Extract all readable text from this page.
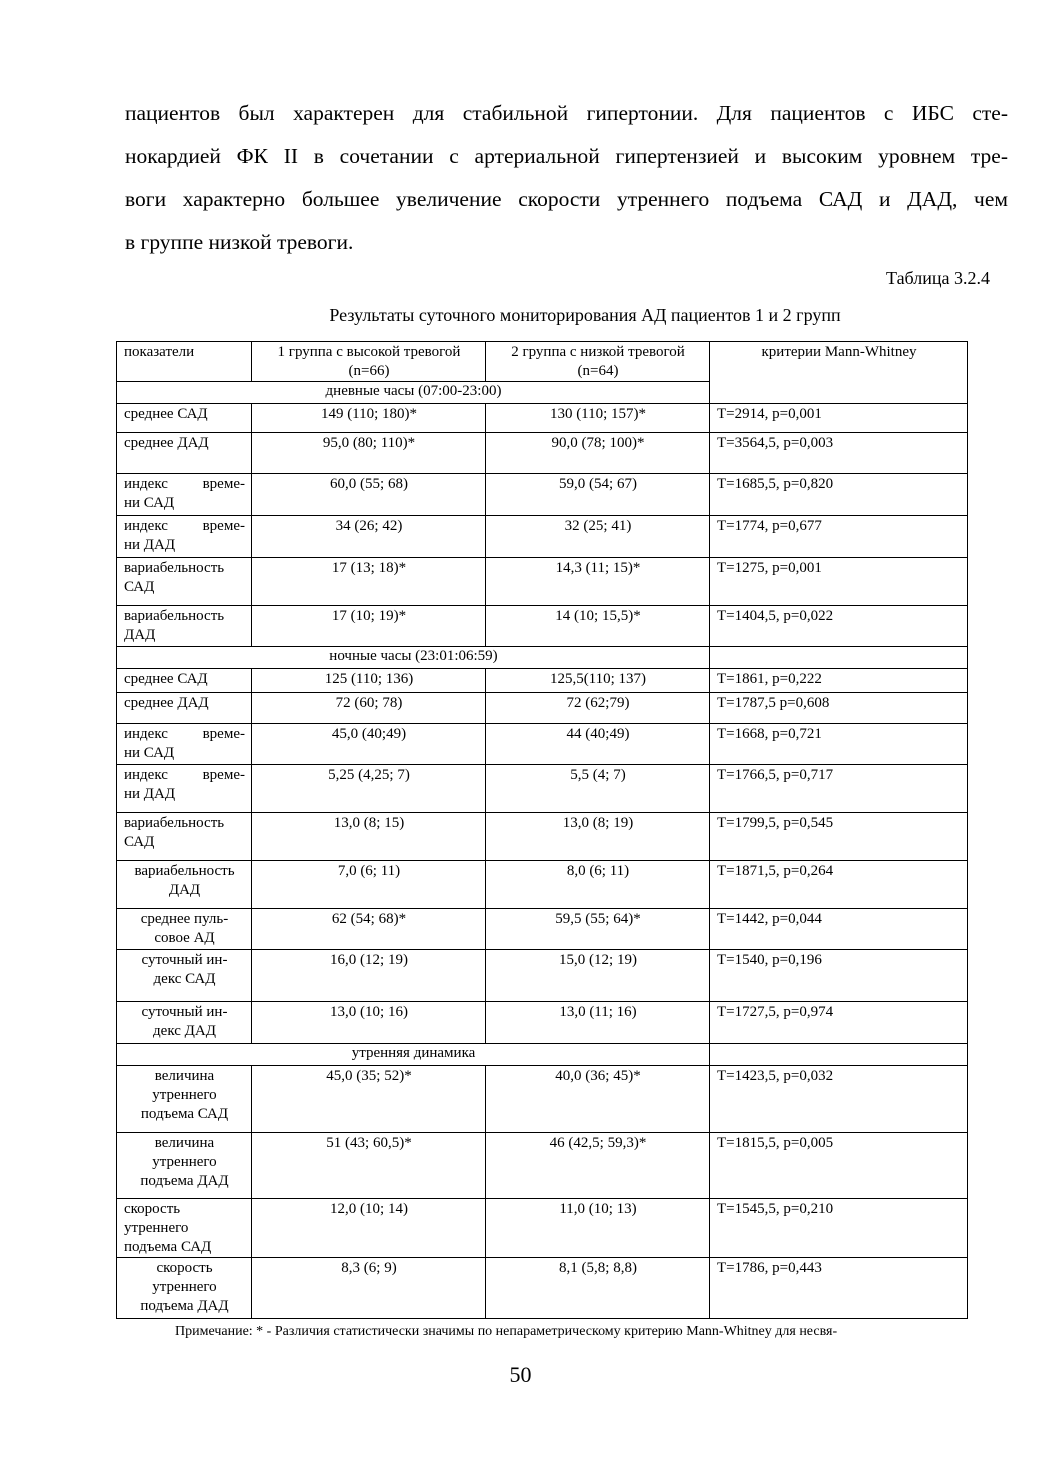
пациентов был характерен для стабильной гипертонии. Для пациентов с ИБС сте-
нокардией ФК II в сочетании с артериальной гипертензией и высоким уровнем тре-
воги характерно большее увеличение скорости утреннего подъема САД и ДАД, чем
в группе низкой тревоги.
Таблица 3.2.4
Результаты суточного мониторирования АД пациентов 1 и 2 групп
показатели	1 группа с высокой тревогой (n=66)	2 группа с низкой тревогой (n=64)	критерии Mann-Whitney
дневные часы (07:00-23:00)			
среднее САД	149 (110; 180)*	130 (110; 157)*	T=2914, p=0,001
среднее ДАД	95,0 (80; 110)*	90,0 (78; 100)*	T=3564,5, p=0,003

индекс време-
ни САД	60,0 (55; 68)	59,0 (54; 67)	T=1685,5, p=0,820

индекс време-
ни ДАД	34 (26; 42)	32 (25; 41)	T=1774, p=0,677

вариабельность
САД	17 (13; 18)*	14,3 (11; 15)*	T=1275, p=0,001

вариабельность
ДАД	17 (10; 19)*	14 (10; 15,5)*	T=1404,5, p=0,022
ночные часы (23:01:06:59)			
среднее САД	125 (110; 136)	125,5(110; 137)	T=1861, p=0,222
среднее ДАД	72 (60; 78)	72 (62;79)	T=1787,5 p=0,608

индекс време-
ни САД	45,0 (40;49)	44 (40;49)	T=1668, p=0,721

индекс време-
ни ДАД	5,25 (4,25; 7)	5,5 (4; 7)	T=1766,5, p=0,717

вариабельность
САД	13,0 (8; 15)	13,0 (8; 19)	T=1799,5, p=0,545

вариабельность
ДАД	7,0 (6; 11)	8,0 (6; 11)	T=1871,5, p=0,264

среднее пуль-
совое АД	62 (54; 68)*	59,5 (55; 64)*	T=1442, p=0,044

суточный ин-
декс САД	16,0 (12; 19)	15,0 (12; 19)	T=1540, p=0,196

суточный ин-
декс ДАД	13,0 (10; 16)	13,0 (11; 16)	T=1727,5, p=0,974
утренняя динамика			

величина
утреннего
подъема САД	45,0 (35; 52)*	40,0 (36; 45)*	T=1423,5, p=0,032

величина
утреннего
подъема ДАД	51 (43; 60,5)*	46 (42,5; 59,3)*	T=1815,5, p=0,005

скорость
утреннего
подъема САД	12,0 (10; 14)	11,0 (10; 13)	T=1545,5, p=0,210

скорость
утреннего
подъема ДАД	8,3 (6; 9)	8,1 (5,8; 8,8)	T=1786, p=0,443
Примечание: * - Различия статистически значимы по непараметрическому критерию Mann-Whitney для несвя-
50
